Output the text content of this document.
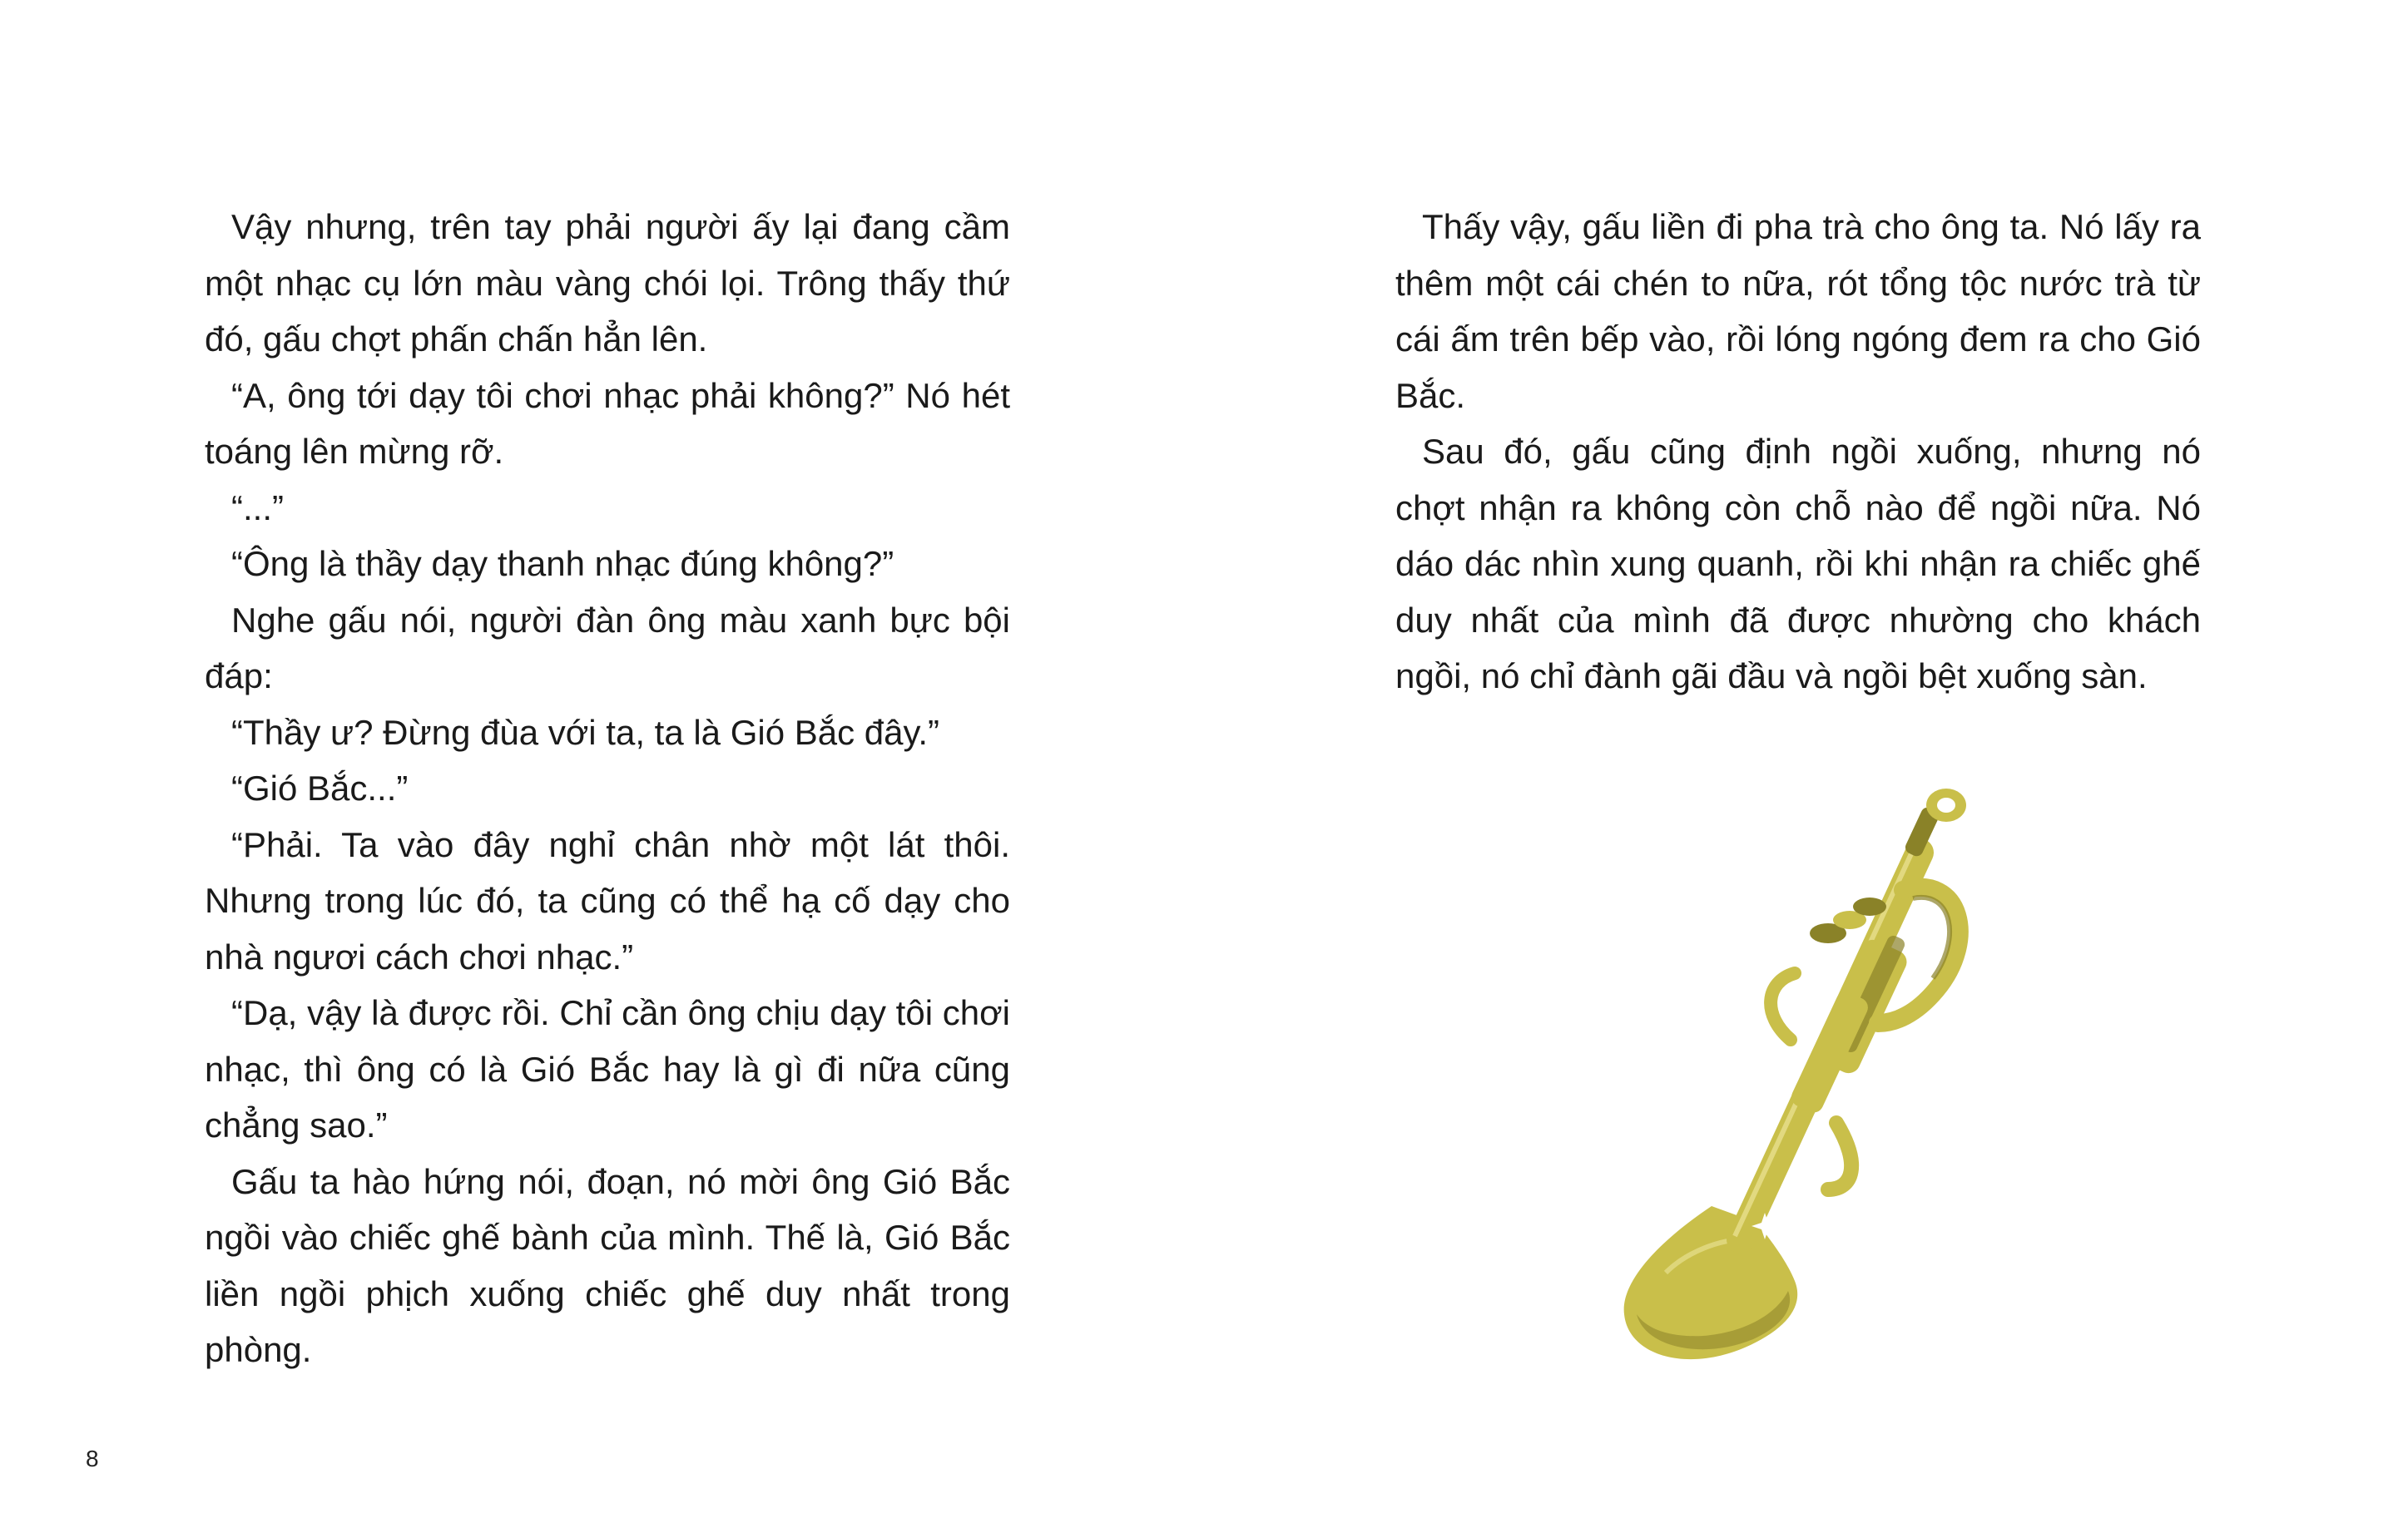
Vậy nhưng, trên tay phải người ấy lại đang cầm một nhạc cụ lớn màu vàng chói lọi. Trông thấy thứ đó, gấu chợt phấn chấn hẳn lên.

“A, ông tới dạy tôi chơi nhạc phải không?” Nó hét toáng lên mừng rỡ.

“...”

“Ông là thầy dạy thanh nhạc đúng không?”

Nghe gấu nói, người đàn ông màu xanh bực bội đáp:

“Thầy ư? Đừng đùa với ta, ta là Gió Bắc đây.”

“Gió Bắc...”

“Phải. Ta vào đây nghỉ chân nhờ một lát thôi. Nhưng trong lúc đó, ta cũng có thể hạ cố dạy cho nhà ngươi cách chơi nhạc.”

“Dạ, vậy là được rồi. Chỉ cần ông chịu dạy tôi chơi nhạc, thì ông có là Gió Bắc hay là gì đi nữa cũng chẳng sao.”

Gấu ta hào hứng nói, đoạn, nó mời ông Gió Bắc ngồi vào chiếc ghế bành của mình. Thế là, Gió Bắc liền ngồi phịch xuống chiếc ghế duy nhất trong phòng.

8

Thấy vậy, gấu liền đi pha trà cho ông ta. Nó lấy ra thêm một cái chén to nữa, rót tổng tộc nước trà từ cái ấm trên bếp vào, rồi lóng ngóng đem ra cho Gió Bắc.

Sau đó, gấu cũng định ngồi xuống, nhưng nó chợt nhận ra không còn chỗ nào để ngồi nữa. Nó dáo dác nhìn xung quanh, rồi khi nhận ra chiếc ghế duy nhất của mình đã được nhường cho khách ngồi, nó chỉ đành gãi đầu và ngồi bệt xuống sàn.
